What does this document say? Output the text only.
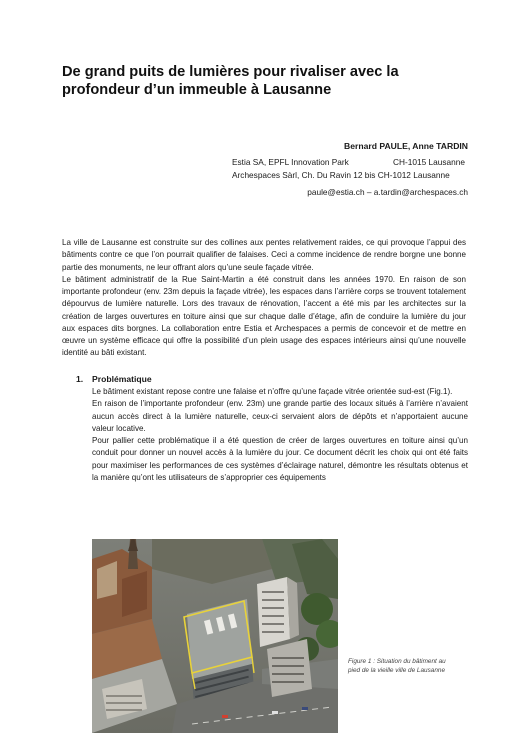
De grand puits de lumières pour rivaliser avec la profondeur d’un immeuble à Lausanne
Bernard PAULE, Anne TARDIN
Estia SA, EPFL Innovation Park	CH-1015 Lausanne
Archespaces Sàrl, Ch. Du Ravin 12 bis CH-1012 Lausanne
paule@estia.ch – a.tardin@archespaces.ch

La ville de Lausanne est construite sur des collines aux pentes relativement raides, ce qui provoque l’appui des bâtiments contre ce que l’on pourrait qualifier de falaises. Ceci a comme incidence de rendre borgne une bonne partie des monuments, ne leur offrant alors qu’une seule façade vitrée.

Le bâtiment administratif de la Rue Saint-Martin a été construit dans les années 1970. En raison de son importante profondeur (env. 23m depuis la façade vitrée), les espaces dans l’arrière corps se trouvent totalement dépourvus de lumière naturelle. Lors des travaux de rénovation, l’accent a été mis par les architectes sur la création de larges ouvertures en toiture ainsi que sur chaque dalle d’étage, afin de conduire la lumière du jour aux espaces dits borgnes. La collaboration entre Estia et Archespaces a permis de concevoir et de mettre en œuvre un système efficace qui offre la possibilité d’un plein usage des espaces intérieurs ainsi qu’une nouvelle identité au bâti existant.

1. Problématique

Le bâtiment existant repose contre une falaise et n’offre qu’une façade vitrée orientée sud-est (Fig.1).

En raison de l’importante profondeur (env. 23m) une grande partie des locaux situés à l’arrière n’avaient aucun accès direct à la lumière naturelle, ceux-ci servaient alors de dépôts et n’apportaient aucune valeur locative.

Pour pallier cette problématique il a été question de créer de larges ouvertures en toiture ainsi qu’un conduit pour donner un nouvel accès à la lumière du jour. Ce document décrit les choix qui ont été faits pour maximiser les performances de ces systèmes d’éclairage naturel, démontre les résultats obtenus et la manière qu’ont les utilisateurs de s’approprier ces équipements

Figure 1 : Situation du bâtiment au pied de la vieille ville de Lausanne
